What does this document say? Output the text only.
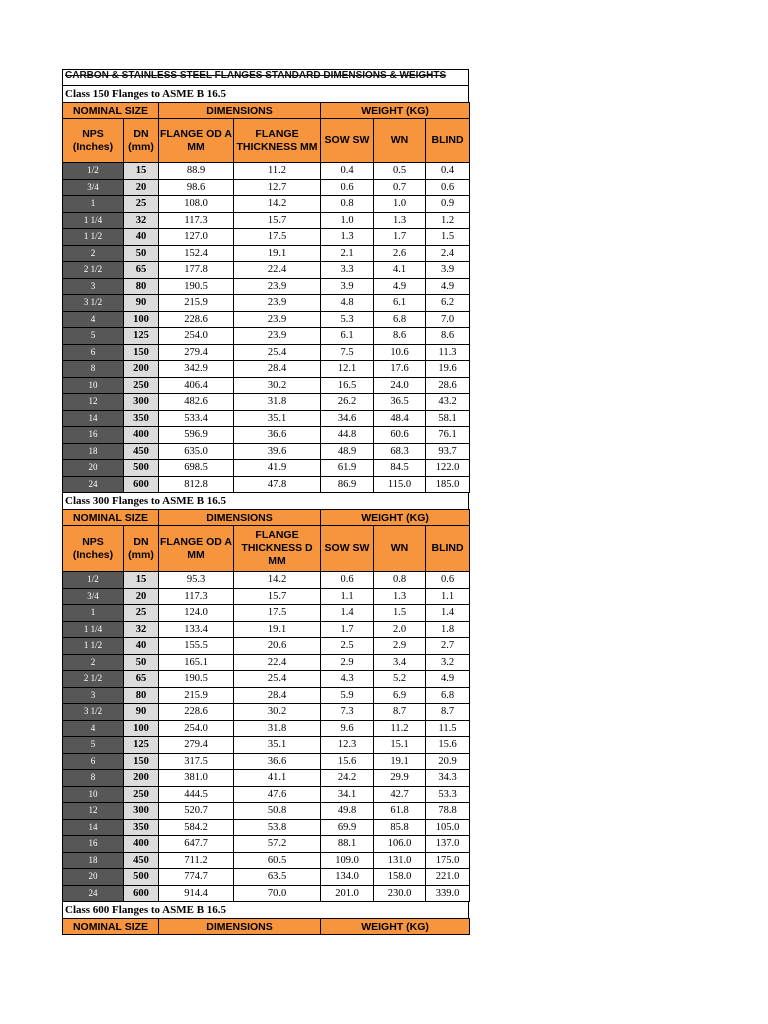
CARBON & STAINLESS STEEL FLANGES STANDARD DIMENSIONS & WEIGHTS
Class 150 Flanges to ASME B 16.5
NOMINAL SIZE		DIMENSIONS		WEIGHT (KG)		
NPS (Inches)	DN (mm)	FLANGE OD A MM	FLANGE THICKNESS MM	SOW SW	WN	BLIND
1/2	15	88.9	11.2	0.4	0.5	0.4
3/4	20	98.6	12.7	0.6	0.7	0.6
1	25	108.0	14.2	0.8	1.0	0.9
1 1/4	32	117.3	15.7	1.0	1.3	1.2
1 1/2	40	127.0	17.5	1.3	1.7	1.5
2	50	152.4	19.1	2.1	2.6	2.4
2 1/2	65	177.8	22.4	3.3	4.1	3.9
3	80	190.5	23.9	3.9	4.9	4.9
3 1/2	90	215.9	23.9	4.8	6.1	6.2
4	100	228.6	23.9	5.3	6.8	7.0
5	125	254.0	23.9	6.1	8.6	8.6
6	150	279.4	25.4	7.5	10.6	11.3
8	200	342.9	28.4	12.1	17.6	19.6
10	250	406.4	30.2	16.5	24.0	28.6
12	300	482.6	31.8	26.2	36.5	43.2
14	350	533.4	35.1	34.6	48.4	58.1
16	400	596.9	36.6	44.8	60.6	76.1
18	450	635.0	39.6	48.9	68.3	93.7
20	500	698.5	41.9	61.9	84.5	122.0
24	600	812.8	47.8	86.9	115.0	185.0
Class 300 Flanges to ASME B 16.5
NOMINAL SIZE		DIMENSIONS		WEIGHT (KG)		
NPS (Inches)	DN (mm)	FLANGE OD A MM	FLANGE THICKNESS D MM	SOW SW	WN	BLIND
1/2	15	95.3	14.2	0.6	0.8	0.6
3/4	20	117.3	15.7	1.1	1.3	1.1
1	25	124.0	17.5	1.4	1.5	1.4
1 1/4	32	133.4	19.1	1.7	2.0	1.8
1 1/2	40	155.5	20.6	2.5	2.9	2.7
2	50	165.1	22.4	2.9	3.4	3.2
2 1/2	65	190.5	25.4	4.3	5.2	4.9
3	80	215.9	28.4	5.9	6.9	6.8
3 1/2	90	228.6	30.2	7.3	8.7	8.7
4	100	254.0	31.8	9.6	11.2	11.5
5	125	279.4	35.1	12.3	15.1	15.6
6	150	317.5	36.6	15.6	19.1	20.9
8	200	381.0	41.1	24.2	29.9	34.3
10	250	444.5	47.6	34.1	42.7	53.3
12	300	520.7	50.8	49.8	61.8	78.8
14	350	584.2	53.8	69.9	85.8	105.0
16	400	647.7	57.2	88.1	106.0	137.0
18	450	711.2	60.5	109.0	131.0	175.0
20	500	774.7	63.5	134.0	158.0	221.0
24	600	914.4	70.0	201.0	230.0	339.0
Class 600 Flanges to ASME B 16.5
NOMINAL SIZE	DIMENSIONS	WEIGHT (KG)
